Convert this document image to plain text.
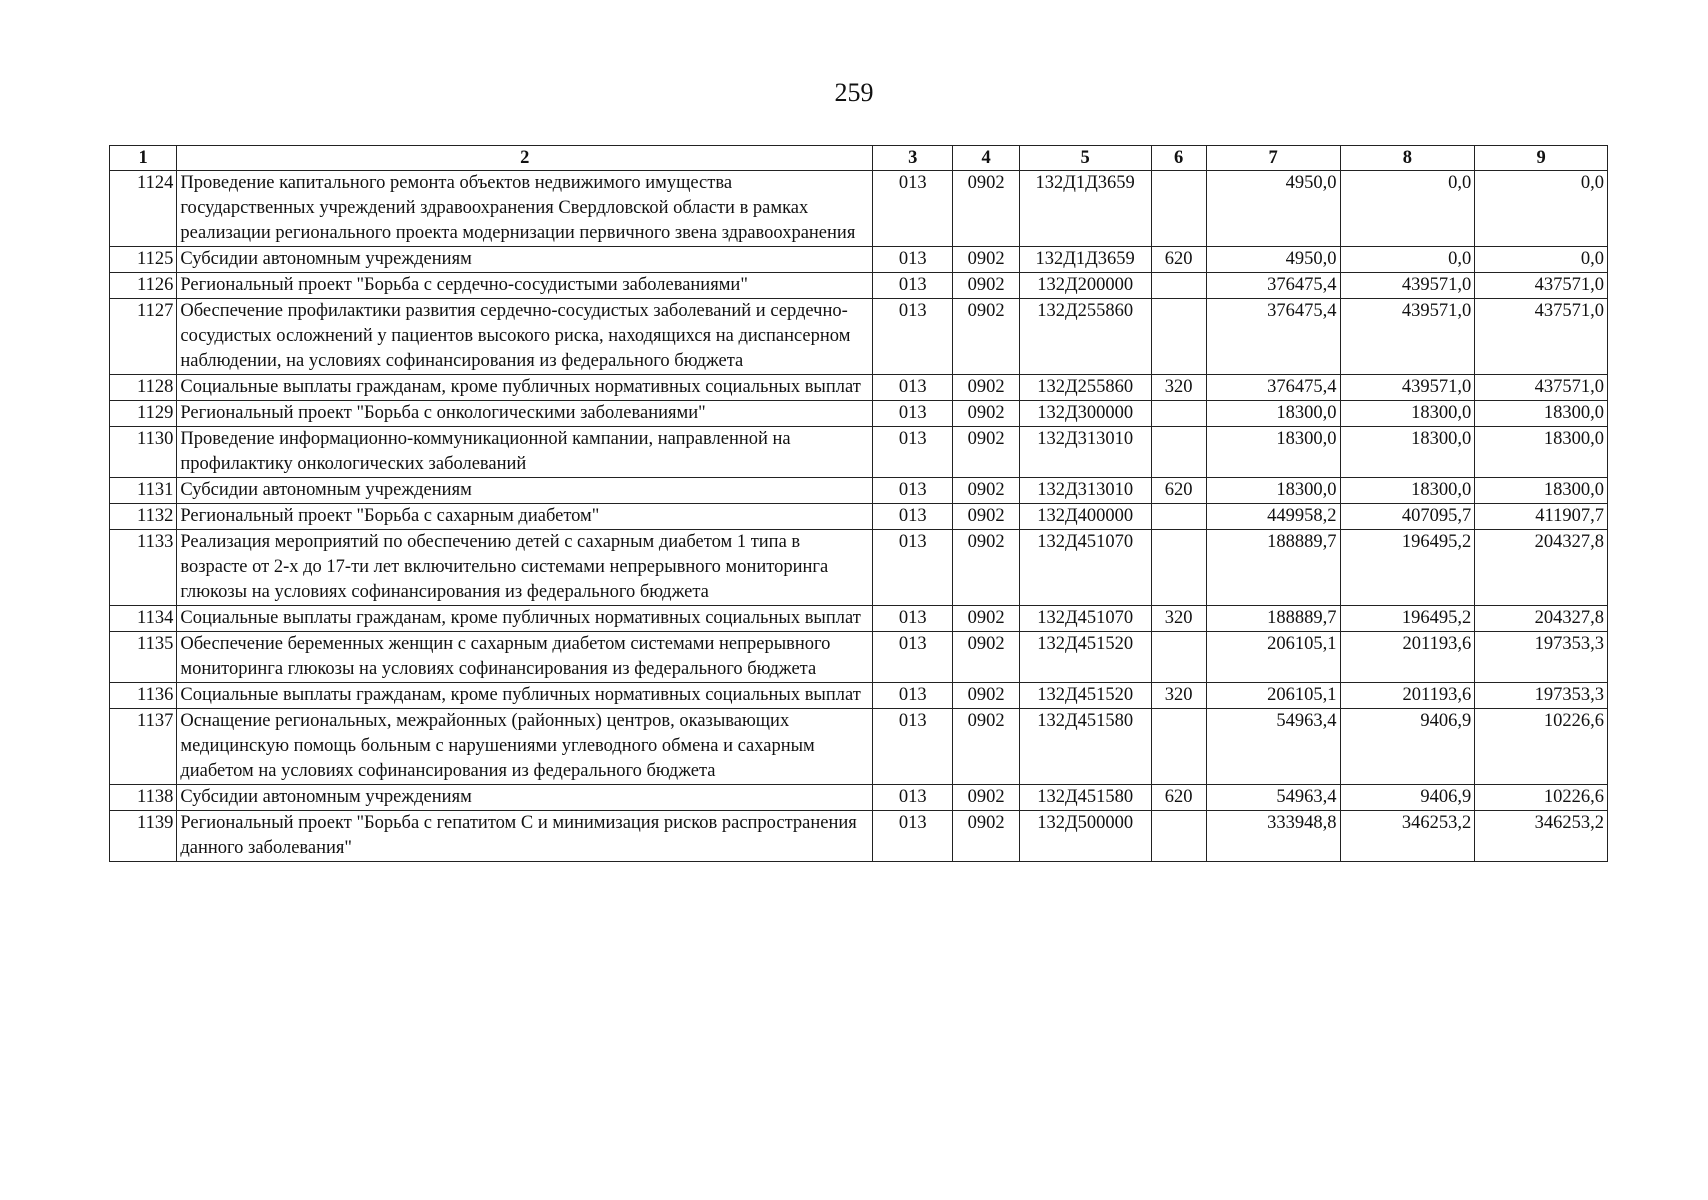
259
1	2	3	4	5	6	7	8	9
1124	Проведение капитального ремонта объектов недвижимого имущества государственных учреждений здравоохранения Свердловской области в рамках реализации регионального проекта модернизации первичного звена здравоохранения	013	0902	132Д1Д3659		4950,0	0,0	0,0
1125	Субсидии автономным учреждениям	013	0902	132Д1Д3659	620	4950,0	0,0	0,0
1126	Региональный проект "Борьба с сердечно-сосудистыми заболеваниями"	013	0902	132Д200000		376475,4	439571,0	437571,0
1127	Обеспечение профилактики развития сердечно-сосудистых заболеваний и сердечно-сосудистых осложнений у пациентов высокого риска, находящихся на диспансерном наблюдении, на условиях софинансирования из федерального бюджета	013	0902	132Д255860		376475,4	439571,0	437571,0
1128	Социальные выплаты гражданам, кроме публичных нормативных социальных выплат	013	0902	132Д255860	320	376475,4	439571,0	437571,0
1129	Региональный проект "Борьба с онкологическими заболеваниями"	013	0902	132Д300000		18300,0	18300,0	18300,0
1130	Проведение информационно-коммуникационной кампании, направленной на профилактику онкологических заболеваний	013	0902	132Д313010		18300,0	18300,0	18300,0
1131	Субсидии автономным учреждениям	013	0902	132Д313010	620	18300,0	18300,0	18300,0
1132	Региональный проект "Борьба с сахарным диабетом"	013	0902	132Д400000		449958,2	407095,7	411907,7
1133	Реализация мероприятий по обеспечению детей с сахарным диабетом 1 типа в возрасте от 2-х до 17-ти лет включительно системами непрерывного мониторинга глюкозы на условиях софинансирования из федерального бюджета	013	0902	132Д451070		188889,7	196495,2	204327,8
1134	Социальные выплаты гражданам, кроме публичных нормативных социальных выплат	013	0902	132Д451070	320	188889,7	196495,2	204327,8
1135	Обеспечение беременных женщин с сахарным диабетом системами непрерывного мониторинга глюкозы на условиях софинансирования из федерального бюджета	013	0902	132Д451520		206105,1	201193,6	197353,3
1136	Социальные выплаты гражданам, кроме публичных нормативных социальных выплат	013	0902	132Д451520	320	206105,1	201193,6	197353,3
1137	Оснащение региональных, межрайонных (районных) центров, оказывающих медицинскую помощь больным с нарушениями углеводного обмена и сахарным диабетом на условиях софинансирования из федерального бюджета	013	0902	132Д451580		54963,4	9406,9	10226,6
1138	Субсидии автономным учреждениям	013	0902	132Д451580	620	54963,4	9406,9	10226,6
1139	Региональный проект "Борьба с гепатитом С и минимизация рисков распространения данного заболевания"	013	0902	132Д500000		333948,8	346253,2	346253,2
